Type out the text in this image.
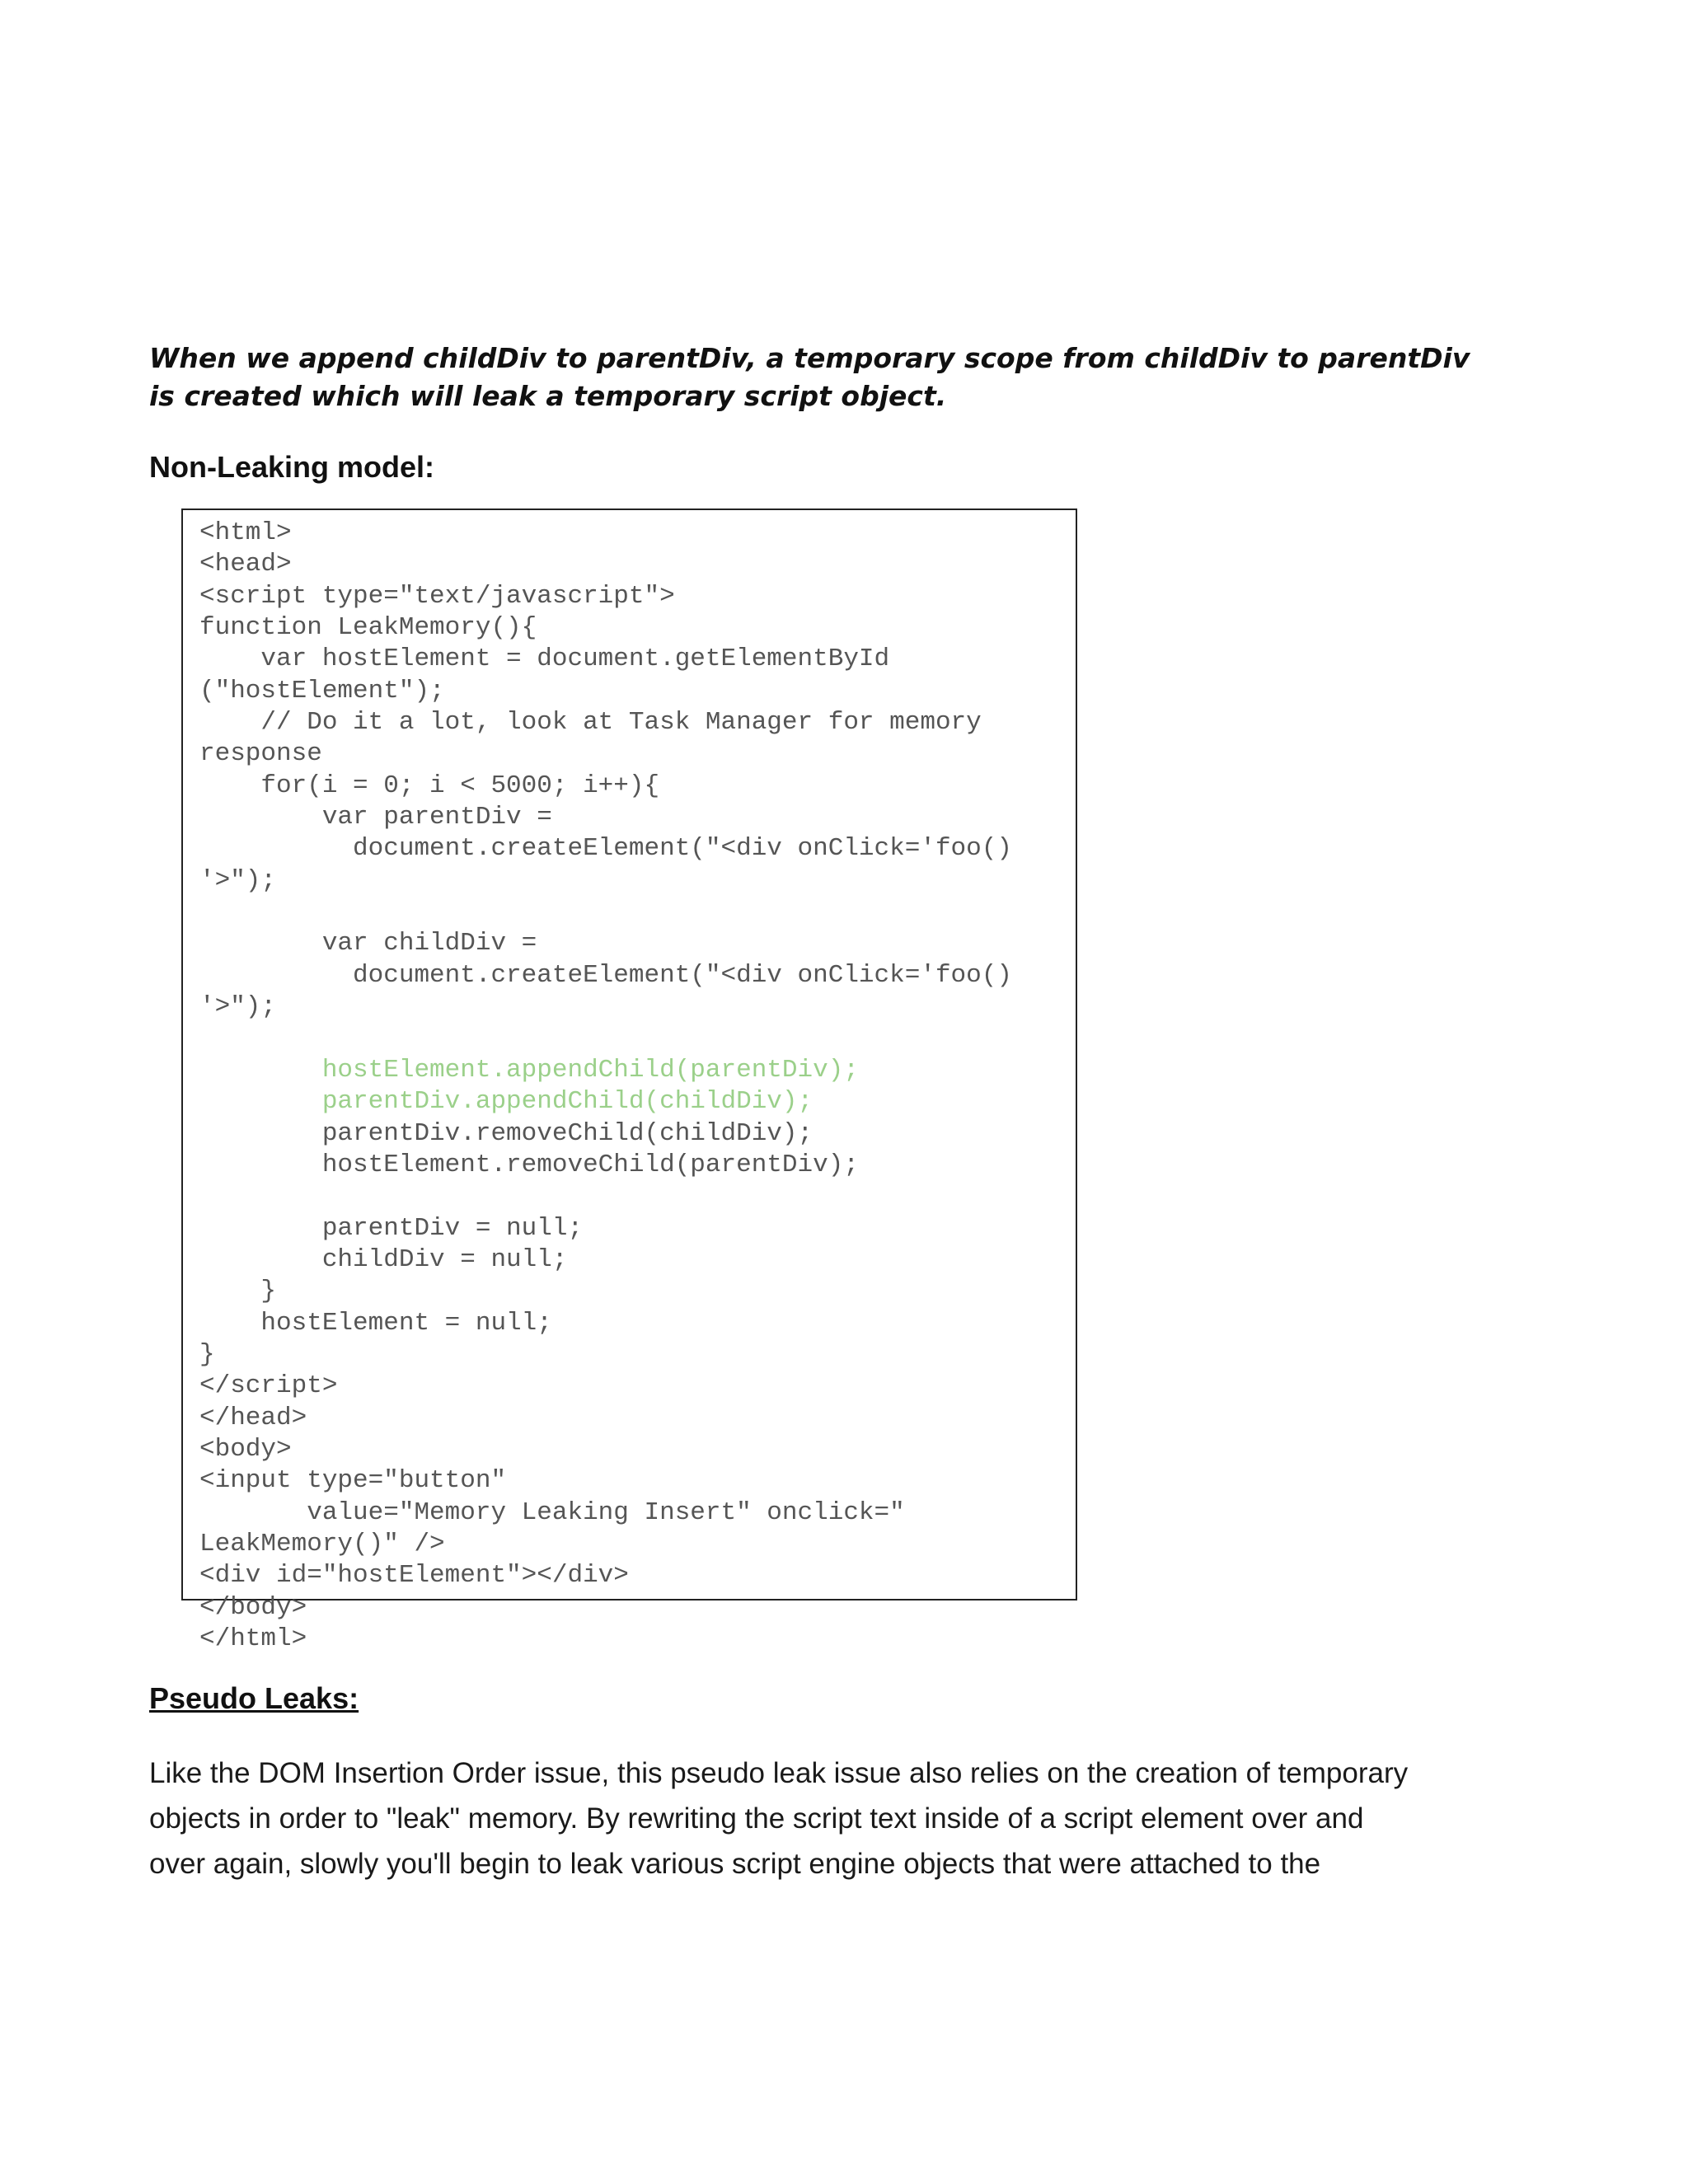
When we append childDiv to parentDiv, a temporary scope from childDiv to parentDiv
is created which will leak a temporary script object.

Non-Leaking model:
<html>
<head>
<script type="text/javascript">
function LeakMemory(){
var hostElement = document.getElementById
("hostElement");
// Do it a lot, look at Task Manager for memory
response
for(i = 0; i < 5000; i++){
var parentDiv =
document.createElement("<div onClick='foo()
'>");
var childDiv =
document.createElement("<div onClick='foo()
'>");
hostElement.appendChild(parentDiv);
parentDiv.appendChild(childDiv);
parentDiv.removeChild(childDiv);
hostElement.removeChild(parentDiv);
parentDiv = null;
childDiv = null;
}
hostElement = null;
}
</script>
</head>
<body>
<input type="button"
value="Memory Leaking Insert" onclick="
LeakMemory()" />
<div id="hostElement"></div>
</body>
</html>
Pseudo Leaks:

Like the DOM Insertion Order issue, this pseudo leak issue also relies on the creation of temporary
objects in order to "leak" memory. By rewriting the script text inside of a script element over and
over again, slowly you'll begin to leak various script engine objects that were attached to the
